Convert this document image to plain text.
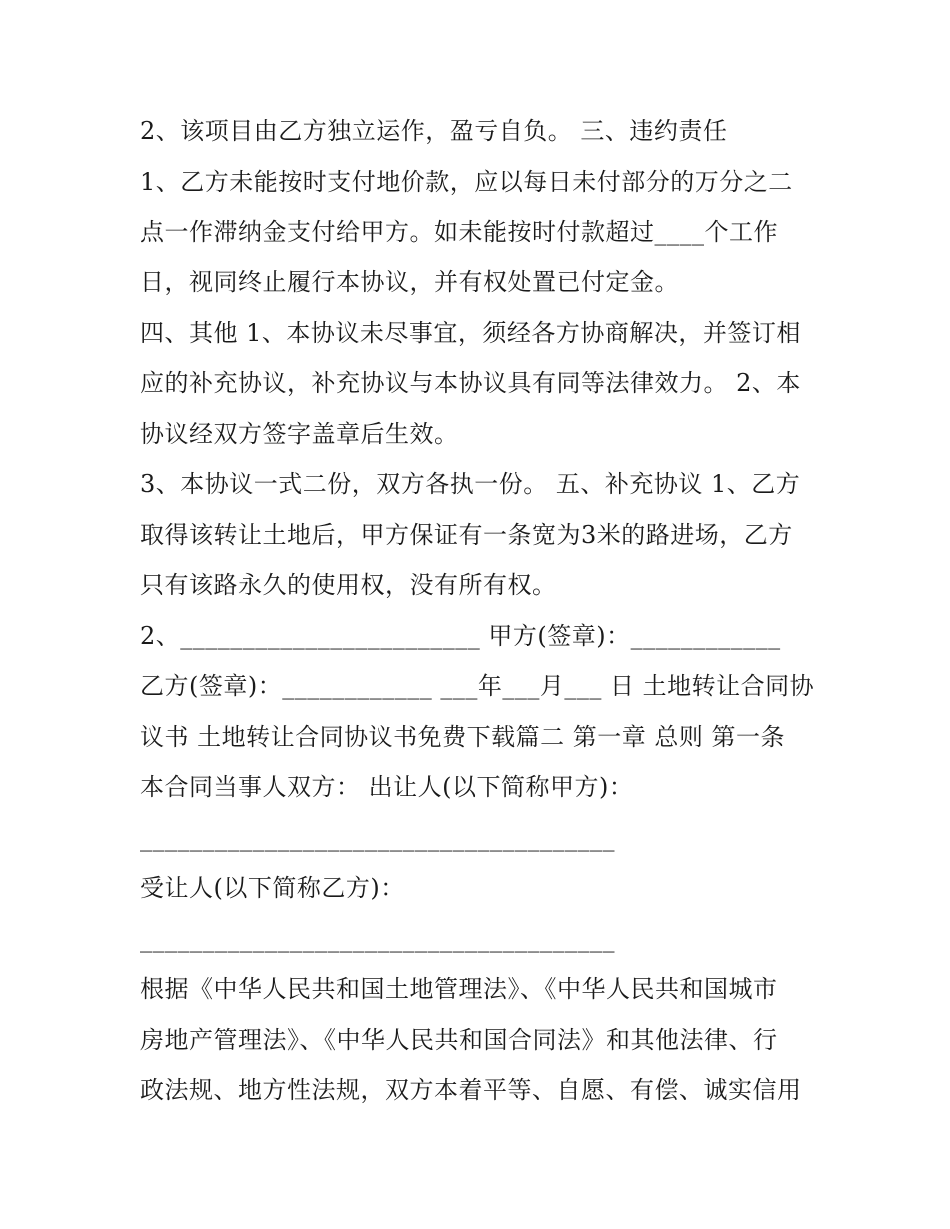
2、该项目由乙方独立运作，盈亏自负。 三、违约责任
1、乙方未能按时支付地价款，应以每日未付部分的万分之二
点一作滞纳金支付给甲方。如未能按时付款超过____个工作
日，视同终止履行本协议，并有权处置已付定金。
四、其他 1、本协议未尽事宜，须经各方协商解决，并签订相
应的补充协议，补充协议与本协议具有同等法律效力。 2、本
协议经双方签字盖章后生效。
3、本协议一式二份，双方各执一份。 五、补充协议 1、乙方
取得该转让土地后，甲方保证有一条宽为3米的路进场，乙方
只有该路永久的使用权，没有所有权。
2、________________________ 甲方(签章)：____________
乙方(签章)：____________ ___年___月___ 日 土地转让合同协
议书 土地转让合同协议书免费下载篇二 第一章 总则 第一条
本合同当事人双方： 出让人(以下简称甲方)：
______________________________________
受让人(以下简称乙方)：
______________________________________
根据《中华人民共和国土地管理法》、《中华人民共和国城市
房地产管理法》、《中华人民共和国合同法》和其他法律、行
政法规、地方性法规，双方本着平等、自愿、有偿、诚实信用
